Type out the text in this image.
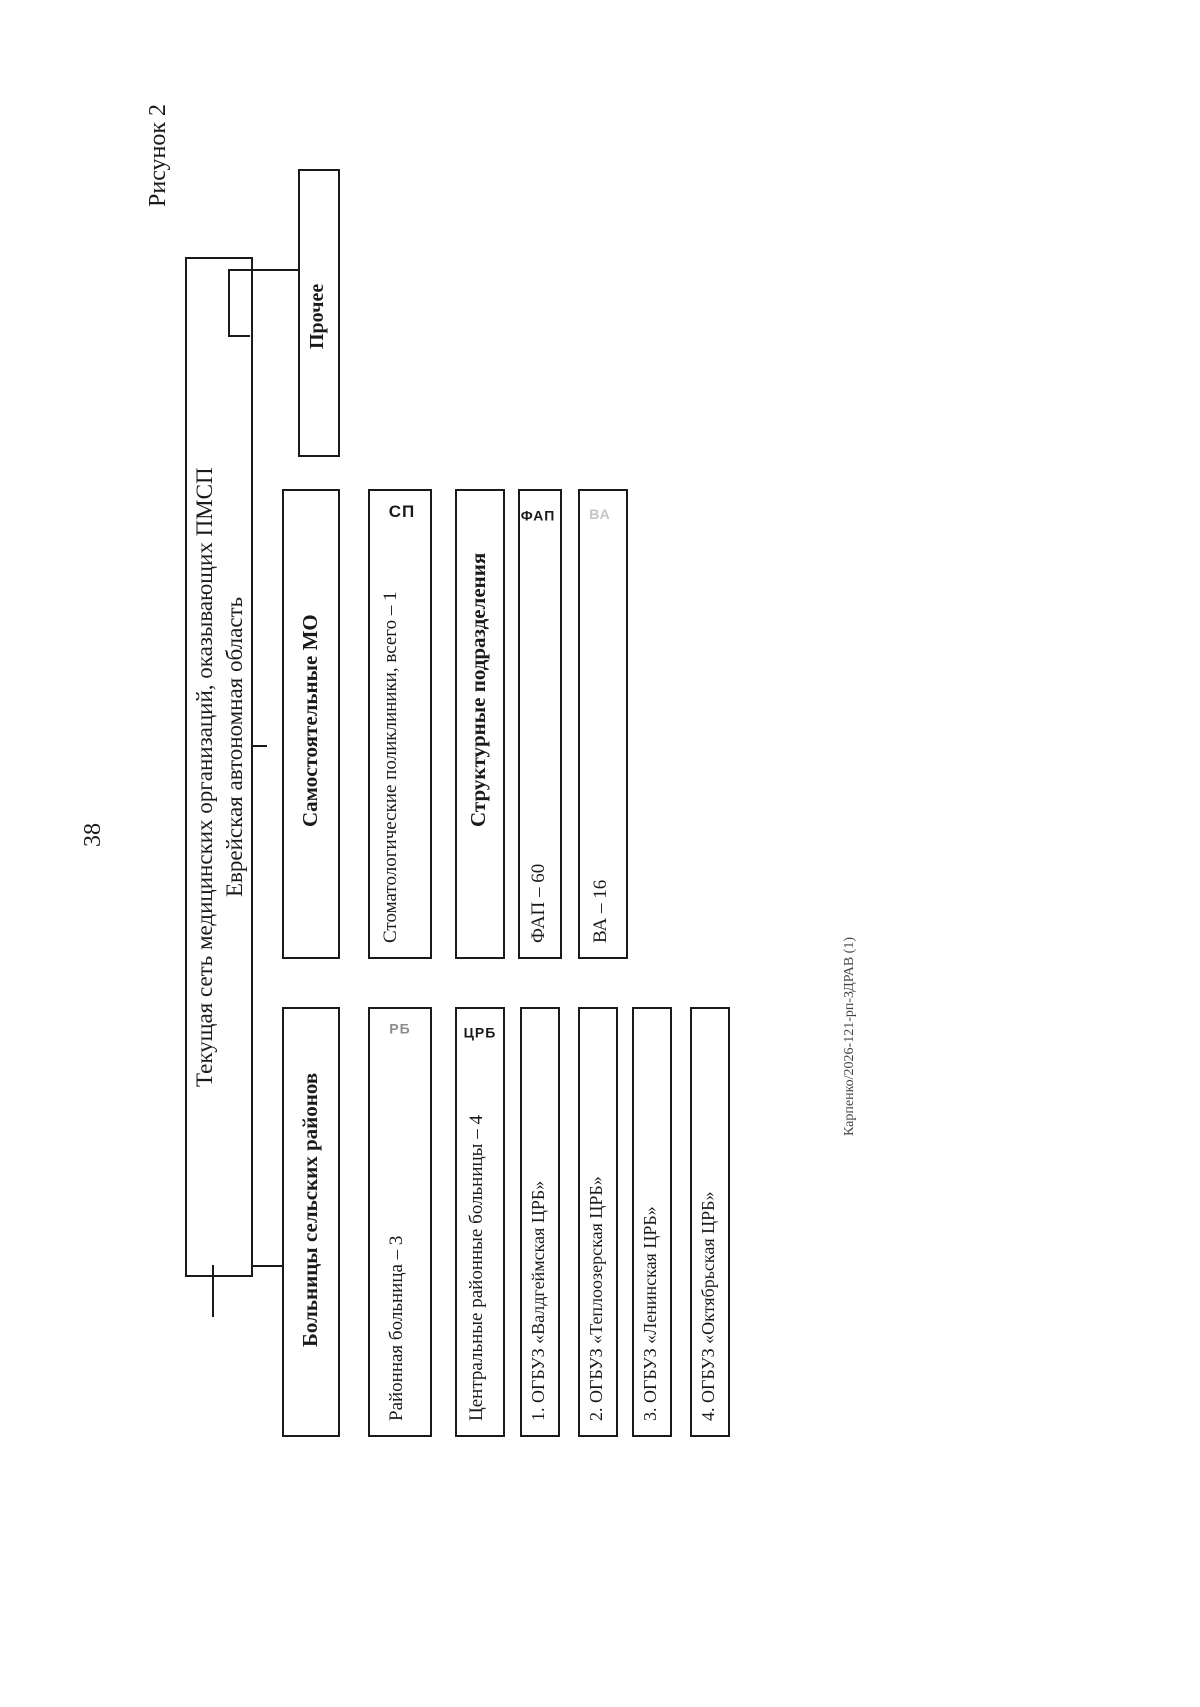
Карпенко/2026-121-рп-ЗДРАВ (1)
38
Рисунок 2
Текущая сеть медицинских организаций, оказывающих ПМСП Еврейская автономная область
Больницы сельских районов	Районная больница – 3
РБ
Центральные районные больницы – 4
ЦРБ
1. ОГБУЗ «Валдгеймская ЦРБ» 2. ОГБУЗ «Теплоозерская ЦРБ» 3. ОГБУЗ «Ленинская ЦРБ» 4. ОГБУЗ «Октябрьская ЦРБ»
Самостоятельные МО	Стоматологические поликлиники, всего – 1
СП
Структурные подразделения
ФАП – 60
ФАП
ВА – 16
ВА
Прочее
